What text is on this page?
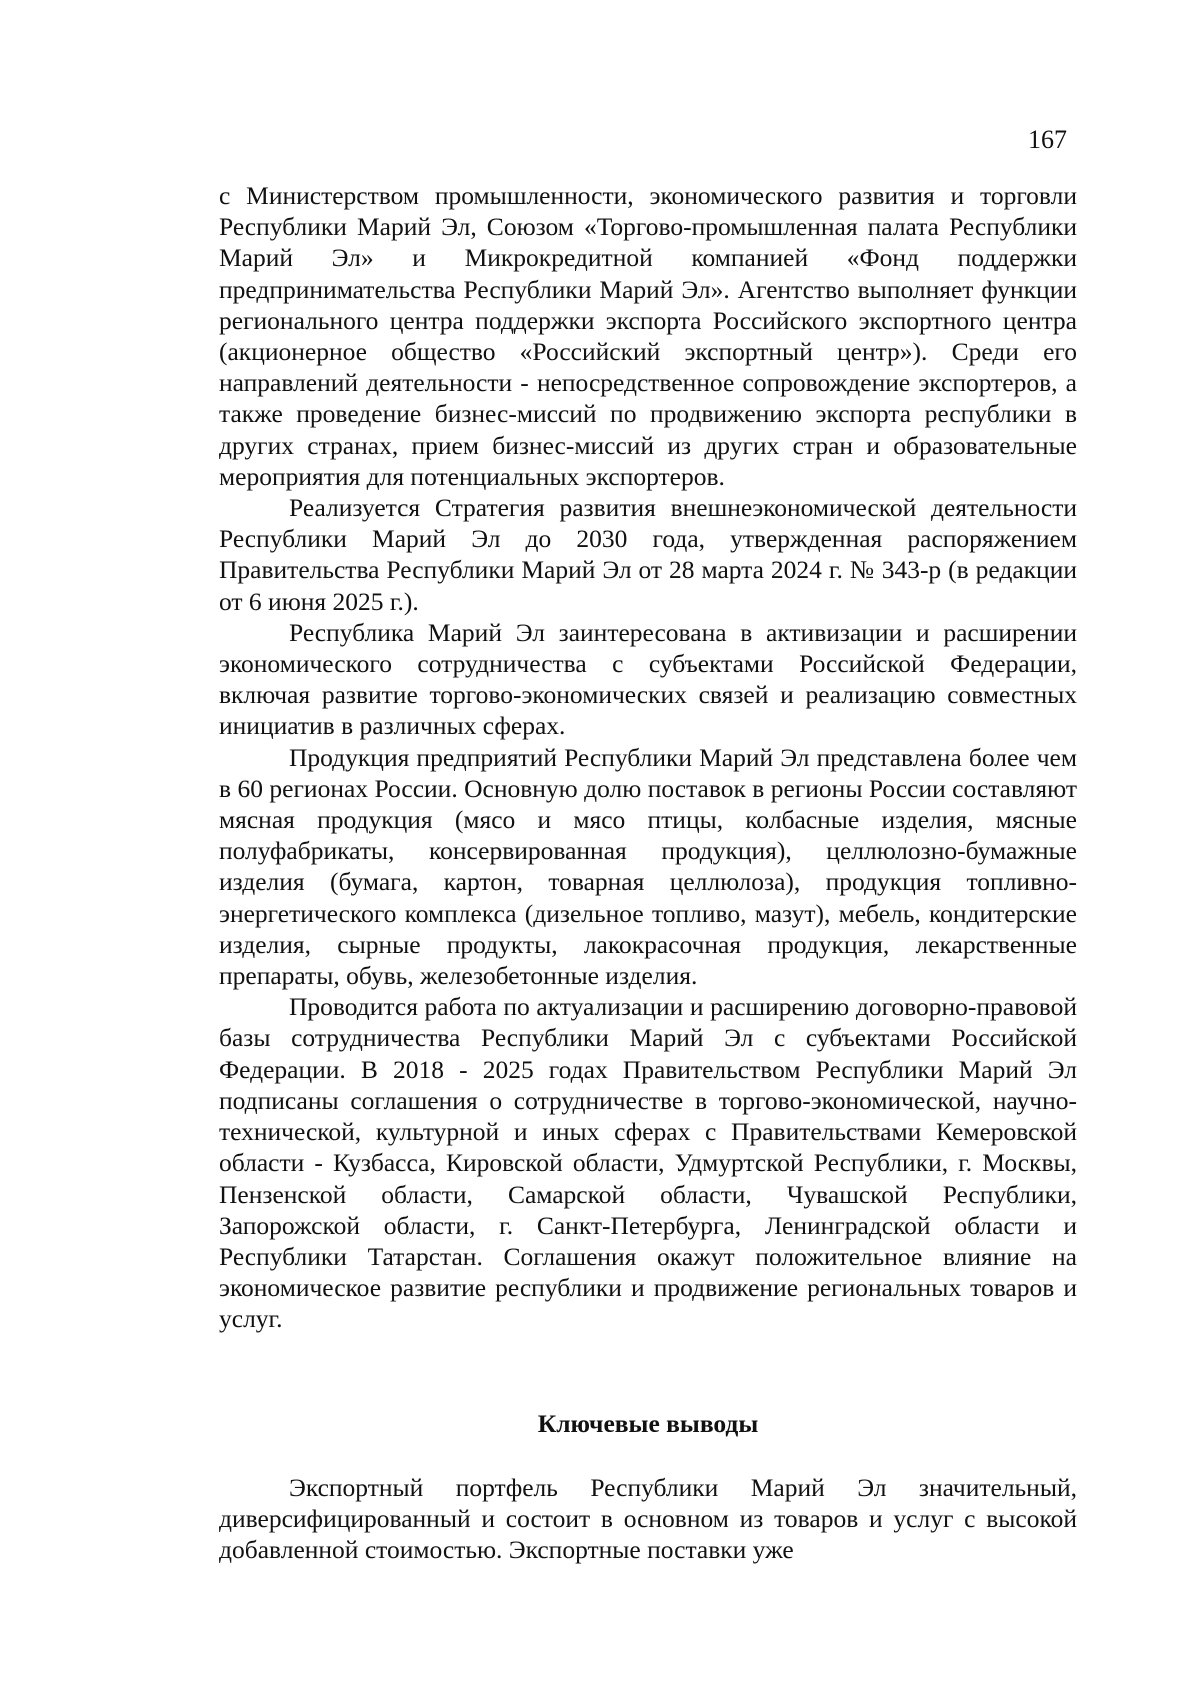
167

с Министерством промышленности, экономического развития и торговли Республики Марий Эл, Союзом «Торгово-промышленная палата Республики Марий Эл» и Микрокредитной компанией «Фонд поддержки предпринимательства Республики Марий Эл». Агентство выполняет функции регионального центра поддержки экспорта Российского экспортного центра (акционерное общество «Российский экспортный центр»). Среди его направлений деятельности - непосредственное сопровождение экспортеров, а также проведение бизнес-миссий по продвижению экспорта республики в других странах, прием бизнес-миссий из других стран и образовательные мероприятия для потенциальных экспортеров.

Реализуется Стратегия развития внешнеэкономической деятельности Республики Марий Эл до 2030 года, утвержденная распоряжением Правительства Республики Марий Эл от 28 марта 2024 г. № 343-р (в редакции от 6 июня 2025 г.).

Республика Марий Эл заинтересована в активизации и расширении экономического сотрудничества с субъектами Российской Федерации, включая развитие торгово-экономических связей и реализацию совместных инициатив в различных сферах.

Продукция предприятий Республики Марий Эл представлена более чем в 60 регионах России. Основную долю поставок в регионы России составляют мясная продукция (мясо и мясо птицы, колбасные изделия, мясные полуфабрикаты, консервированная продукция), целлюлозно-бумажные изделия (бумага, картон, товарная целлюлоза), продукция топливно-энергетического комплекса (дизельное топливо, мазут), мебель, кондитерские изделия, сырные продукты, лакокрасочная продукция, лекарственные препараты, обувь, железобетонные изделия.

Проводится работа по актуализации и расширению договорно-правовой базы сотрудничества Республики Марий Эл с субъектами Российской Федерации. В 2018 - 2025 годах Правительством Республики Марий Эл подписаны соглашения о сотрудничестве в торгово-экономической, научно-технической, культурной и иных сферах с Правительствами Кемеровской области - Кузбасса, Кировской области, Удмуртской Республики, г. Москвы, Пензенской области, Самарской области, Чувашской Республики, Запорожской области, г. Санкт-Петербурга, Ленинградской области и Республики Татарстан. Соглашения окажут положительное влияние на экономическое развитие республики и продвижение региональных товаров и услуг.

Ключевые выводы

Экспортный портфель Республики Марий Эл значительный, диверсифицированный и состоит в основном из товаров и услуг с высокой добавленной стоимостью. Экспортные поставки уже
